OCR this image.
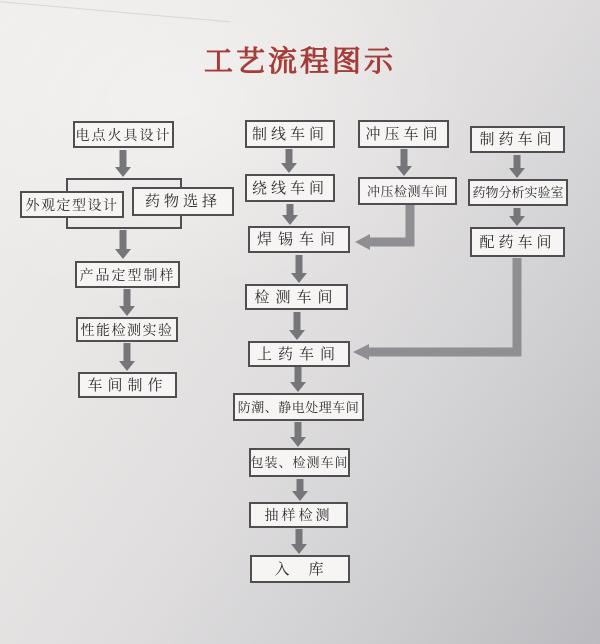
工艺流程图示
电点火具设计
外观定型设计	药物选择
产品定型制样
性能检测实验
车间制作
制线车间
绕线车间
焊锡车间
检测车间
上药车间
防潮、静电处理车间
包装、检测车间
抽样检测
入　库
冲压车间
冲压检测车间
制药车间
药物分析实验室
配药车间
